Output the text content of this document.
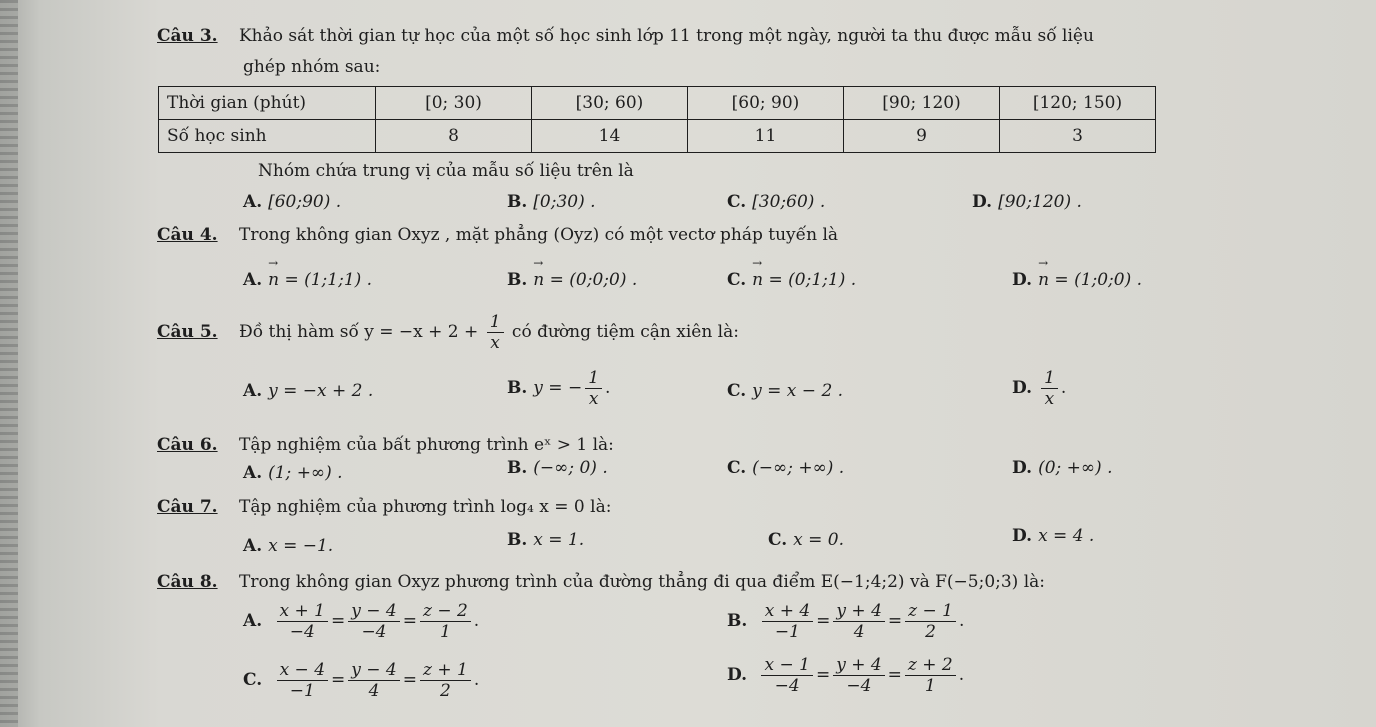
Câu 3. Khảo sát thời gian tự học của một số học sinh lớp 11 trong một ngày, người ta thu được mẫu số liệu
ghép nhóm sau:
Thời gian (phút)	[0; 30)	[30; 60)	[60; 90)	[90; 120)	[120; 150)
Số học sinh	8	14	11	9	3
Nhóm chứa trung vị của mẫu số liệu trên là
A. [60;90) .	B. [0;30) .	C. [30;60) .	D. [90;120) .
Câu 4. Trong không gian Oxyz , mặt phẳng (Oyz) có một vectơ pháp tuyến là
A. → n = (1;1;1) .	B. → n = (0;0;0) .	C. → n = (0;1;1) .	D. → n = (1;0;0) .
Câu 5. Đồ thị hàm số $y = -x + 2 + \frac{1}{x}$ có đường tiệm cận xiên là:
A. y = −x + 2 .	B. y = − $\frac{1}{x}$ .	C. y = x − 2 .	D. $\frac{1}{x}$ .
Câu 6. Tập nghiệm của bất phương trình eˣ > 1 là:
A. (1; +∞) .	B. (−∞; 0) .	C. (−∞; +∞) .	D. (0; +∞) .
Câu 7. Tập nghiệm của phương trình log₄ x = 0 là:
A. x = −1.	B. x = 1.	C. x = 0.	D. x = 4 .
Câu 8. Trong không gian Oxyz phương trình của đường thẳng đi qua điểm E(−1;4;2) và F(−5;0;3) là:
A. $\frac{x + 1}{-4} = \frac{y - 4}{-4} = \frac{z - 2}{1}$ .	B. $\frac{x + 4}{-1} = \frac{y + 4}{4} = \frac{z - 1}{2}$ .
C. $\frac{x - 4}{-1} = \frac{y - 4}{4} = \frac{z + 1}{2}$ .	D. $\frac{x - 1}{-4} = \frac{y + 4}{-4} = \frac{z + 2}{1}$ .
